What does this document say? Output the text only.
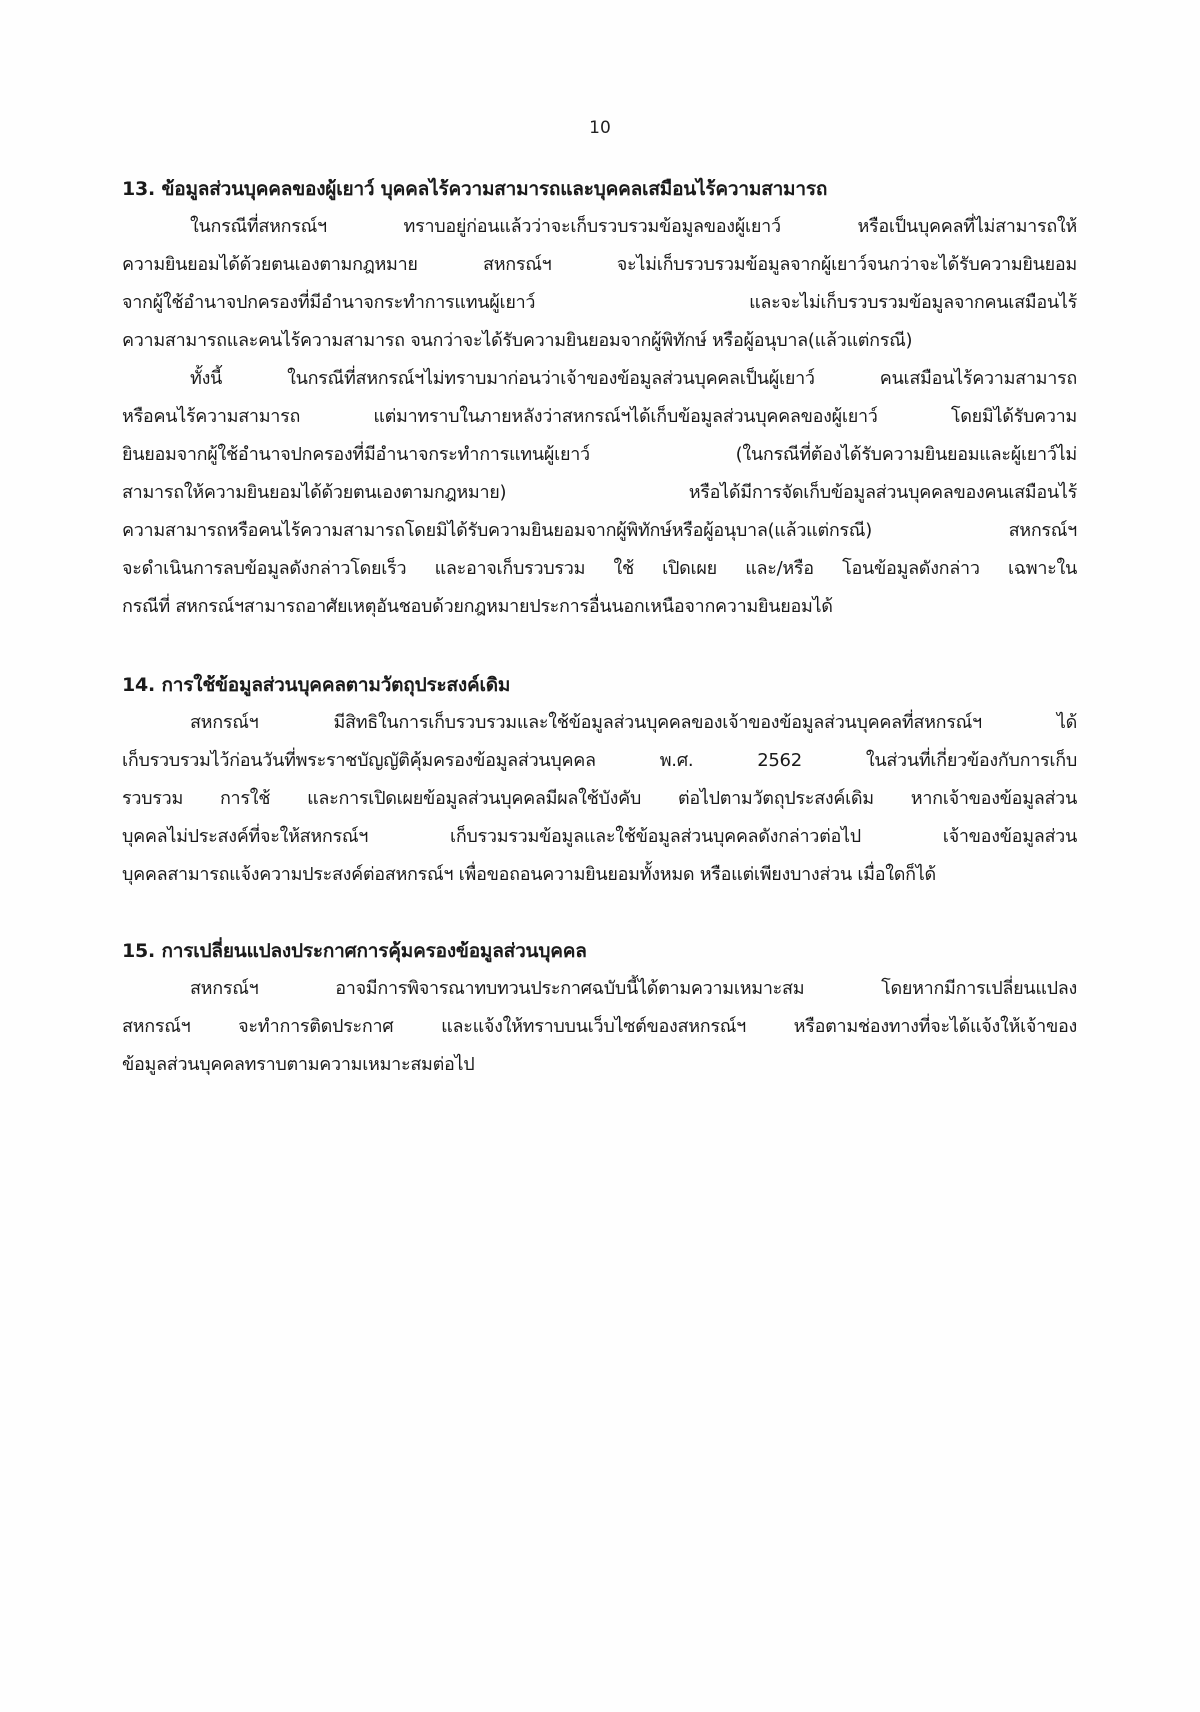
10
13. ข้อมูลส่วนบุคคลของผู้เยาว์ บุคคลไร้ความสามารถและบุคคลเสมือนไร้ความสามารถ

ในกรณีที่สหกรณ์ฯ ทราบอยู่ก่อนแล้วว่าจะเก็บรวบรวมข้อมูลของผู้เยาว์ หรือเป็นบุคคลที่ไม่สามารถให้

ความยินยอมได้ด้วยตนเองตามกฎหมาย สหกรณ์ฯ จะไม่เก็บรวบรวมข้อมูลจากผู้เยาว์จนกว่าจะได้รับความยินยอม

จากผู้ใช้อำนาจปกครองที่มีอำนาจกระทำการแทนผู้เยาว์ และจะไม่เก็บรวบรวมข้อมูลจากคนเสมือนไร้

ความสามารถและคนไร้ความสามารถ จนกว่าจะได้รับความยินยอมจากผู้พิทักษ์ หรือผู้อนุบาล(แล้วแต่กรณี)

ทั้งนี้ ในกรณีที่สหกรณ์ฯไม่ทราบมาก่อนว่าเจ้าของข้อมูลส่วนบุคคลเป็นผู้เยาว์ คนเสมือนไร้ความสามารถ

หรือคนไร้ความสามารถ แต่มาทราบในภายหลังว่าสหกรณ์ฯได้เก็บข้อมูลส่วนบุคคลของผู้เยาว์ โดยมิได้รับความ

ยินยอมจากผู้ใช้อำนาจปกครองที่มีอำนาจกระทำการแทนผู้เยาว์ (ในกรณีที่ต้องได้รับความยินยอมและผู้เยาว์ไม่

สามารถให้ความยินยอมได้ด้วยตนเองตามกฎหมาย) หรือได้มีการจัดเก็บข้อมูลส่วนบุคคลของคนเสมือนไร้

ความสามารถหรือคนไร้ความสามารถโดยมิได้รับความยินยอมจากผู้พิทักษ์หรือผู้อนุบาล(แล้วแต่กรณี) สหกรณ์ฯ

จะดำเนินการลบข้อมูลดังกล่าวโดยเร็ว และอาจเก็บรวบรวม ใช้ เปิดเผย และ/หรือ โอนข้อมูลดังกล่าว เฉพาะใน

กรณีที่ สหกรณ์ฯสามารถอาศัยเหตุอันชอบด้วยกฎหมายประการอื่นนอกเหนือจากความยินยอมได้

14. การใช้ข้อมูลส่วนบุคคลตามวัตถุประสงค์เดิม

สหกรณ์ฯ มีสิทธิในการเก็บรวบรวมและใช้ข้อมูลส่วนบุคคลของเจ้าของข้อมูลส่วนบุคคลที่สหกรณ์ฯ ได้

เก็บรวบรวมไว้ก่อนวันที่พระราชบัญญัติคุ้มครองข้อมูลส่วนบุคคล พ.ศ. 2562 ในส่วนที่เกี่ยวข้องกับการเก็บ

รวบรวม การใช้ และการเปิดเผยข้อมูลส่วนบุคคลมีผลใช้บังคับ ต่อไปตามวัตถุประสงค์เดิม หากเจ้าของข้อมูลส่วน

บุคคลไม่ประสงค์ที่จะให้สหกรณ์ฯ เก็บรวมรวมข้อมูลและใช้ข้อมูลส่วนบุคคลดังกล่าวต่อไป เจ้าของข้อมูลส่วน

บุคคลสามารถแจ้งความประสงค์ต่อสหกรณ์ฯ เพื่อขอถอนความยินยอมทั้งหมด หรือแต่เพียงบางส่วน เมื่อใดก็ได้

15. การเปลี่ยนแปลงประกาศการคุ้มครองข้อมูลส่วนบุคคล

สหกรณ์ฯ อาจมีการพิจารณาทบทวนประกาศฉบับนี้ได้ตามความเหมาะสม โดยหากมีการเปลี่ยนแปลง

สหกรณ์ฯ จะทำการติดประกาศ และแจ้งให้ทราบบนเว็บไซต์ของสหกรณ์ฯ หรือตามช่องทางที่จะได้แจ้งให้เจ้าของ

ข้อมูลส่วนบุคคลทราบตามความเหมาะสมต่อไป
